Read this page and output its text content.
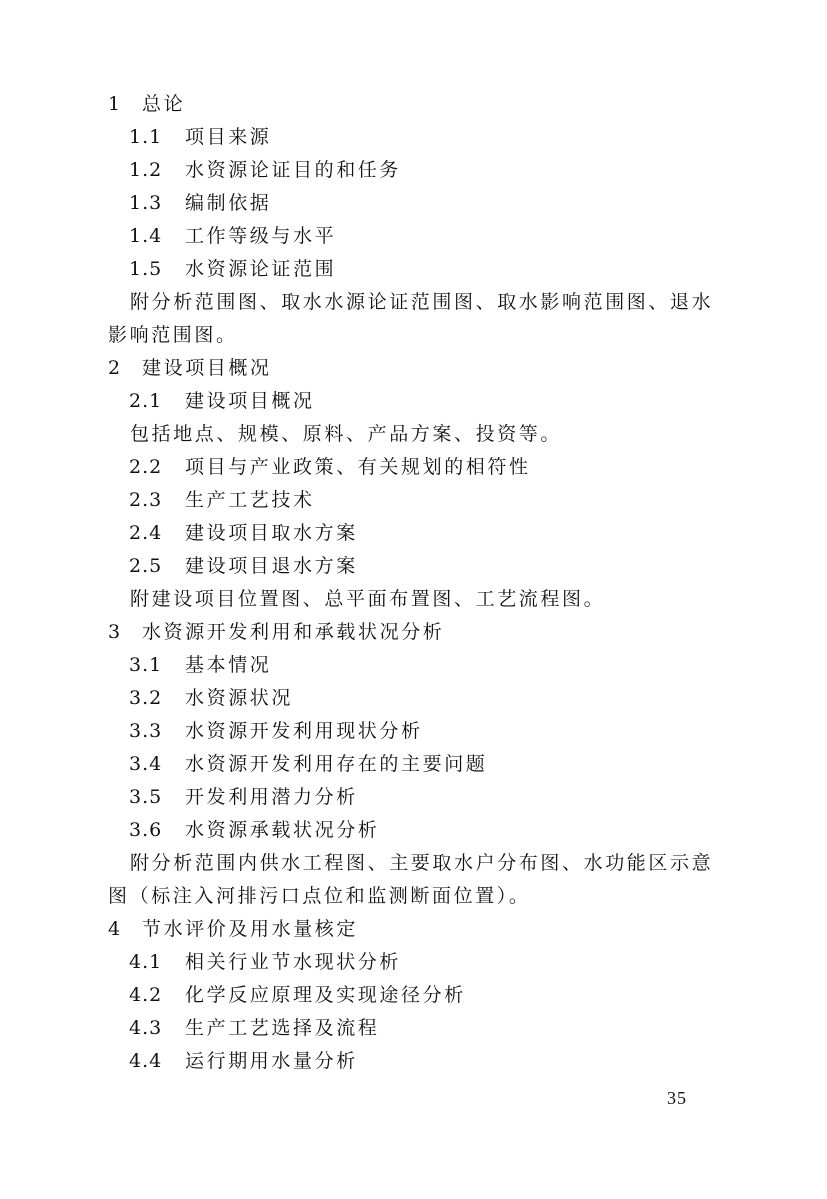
1 总论
1.1 项目来源
1.2 水资源论证目的和任务
1.3 编制依据
1.4 工作等级与水平
1.5 水资源论证范围
附分析范围图、取水水源论证范围图、取水影响范围图、退水影响范围图。
2 建设项目概况
2.1 建设项目概况
包括地点、规模、原料、产品方案、投资等。
2.2 项目与产业政策、有关规划的相符性
2.3 生产工艺技术
2.4 建设项目取水方案
2.5 建设项目退水方案
附建设项目位置图、总平面布置图、工艺流程图。
3 水资源开发利用和承载状况分析
3.1 基本情况
3.2 水资源状况
3.3 水资源开发利用现状分析
3.4 水资源开发利用存在的主要问题
3.5 开发利用潜力分析
3.6 水资源承载状况分析
附分析范围内供水工程图、主要取水户分布图、水功能区示意图（标注入河排污口点位和监测断面位置）。
4 节水评价及用水量核定
4.1 相关行业节水现状分析
4.2 化学反应原理及实现途径分析
4.3 生产工艺选择及流程
4.4 运行期用水量分析
35
